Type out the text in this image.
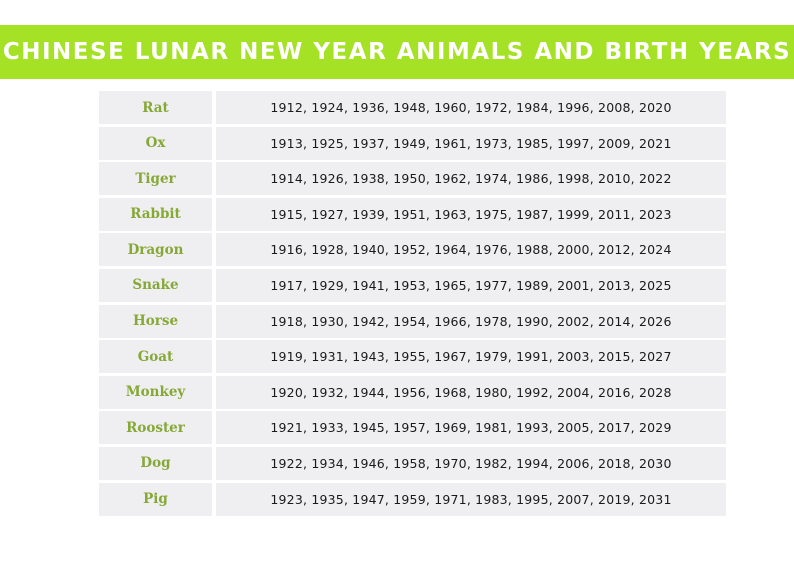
CHINESE LUNAR NEW YEAR ANIMALS AND BIRTH YEARS
Rat	1912, 1924, 1936, 1948, 1960, 1972, 1984, 1996, 2008, 2020
Ox	1913, 1925, 1937, 1949, 1961, 1973, 1985, 1997, 2009, 2021
Tiger	1914, 1926, 1938, 1950, 1962, 1974, 1986, 1998, 2010, 2022
Rabbit	1915, 1927, 1939, 1951, 1963, 1975, 1987, 1999, 2011, 2023
Dragon	1916, 1928, 1940, 1952, 1964, 1976, 1988, 2000, 2012, 2024
Snake	1917, 1929, 1941, 1953, 1965, 1977, 1989, 2001, 2013, 2025
Horse	1918, 1930, 1942, 1954, 1966, 1978, 1990, 2002, 2014, 2026
Goat	1919, 1931, 1943, 1955, 1967, 1979, 1991, 2003, 2015, 2027
Monkey	1920, 1932, 1944, 1956, 1968, 1980, 1992, 2004, 2016, 2028
Rooster	1921, 1933, 1945, 1957, 1969, 1981, 1993, 2005, 2017, 2029
Dog	1922, 1934, 1946, 1958, 1970, 1982, 1994, 2006, 2018, 2030
Pig	1923, 1935, 1947, 1959, 1971, 1983, 1995, 2007, 2019, 2031
